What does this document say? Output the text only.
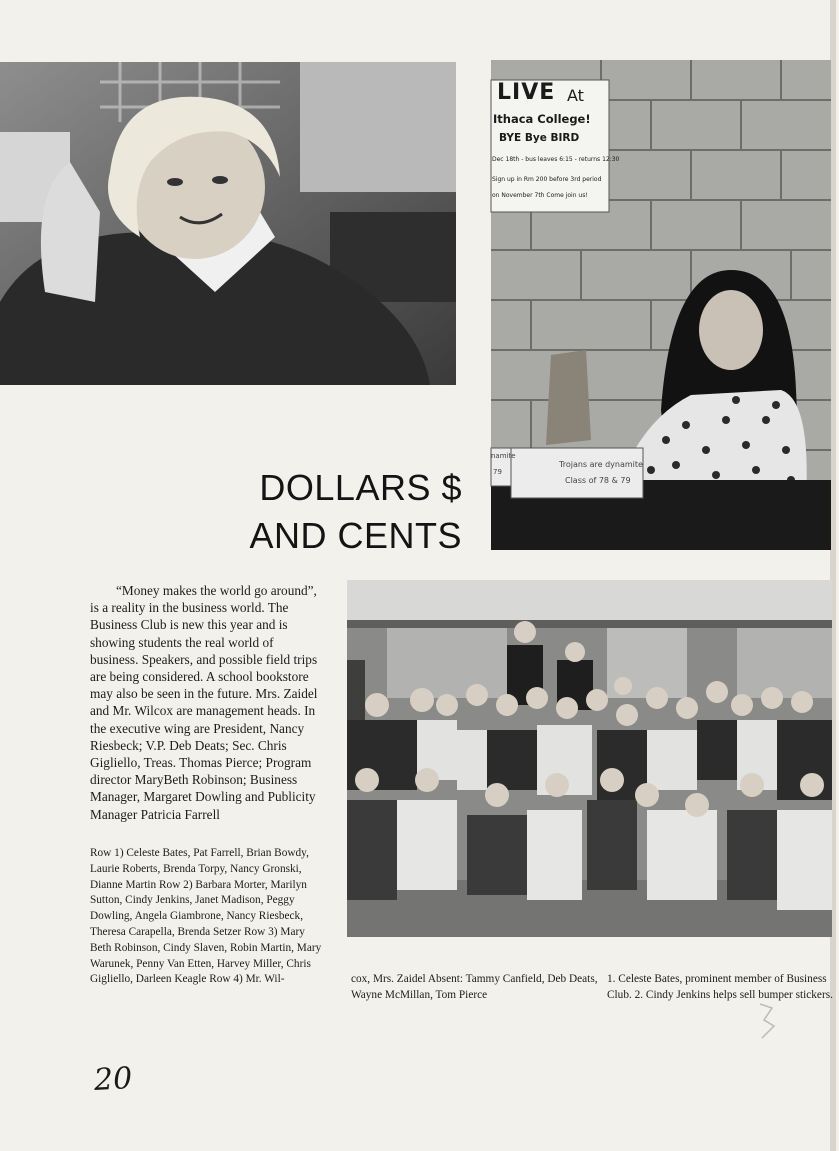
LIVE At
Ithaca College!
BYE Bye BIRD
Dec 18th - bus leaves 6:15 - returns 12:30
Sign up in Rm 200 before 3rd period
on November 7th Come join us!
Trojans are dynamite
Class of 78 & 79
namite
79
DOLLARS $
AND CENTS

“Money makes the world go around”, is a reality in the business world. The Business Club is new this year and is showing students the real world of business. Speakers, and possible field trips are being considered. A school bookstore may also be seen in the future. Mrs. Zaidel and Mr. Wilcox are management heads. In the executive wing are President, Nancy Riesbeck; V.P. Deb Deats; Sec. Chris Gigliello, Treas. Thomas Pierce; Program director MaryBeth Robinson; Business Manager, Margaret Dowling and Publicity Manager Patricia Farrell

Row 1) Celeste Bates, Pat Farrell, Brian Bowdy, Laurie Roberts, Brenda Torpy, Nancy Gronski, Dianne Martin Row 2) Barbara Morter, Marilyn Sutton, Cindy Jenkins, Janet Madison, Peggy Dowling, Angela Giambrone, Nancy Riesbeck, Theresa Carapella, Brenda Setzer Row 3) Mary Beth Robinson, Cindy Slaven, Robin Martin, Mary Warunek, Penny Van Etten, Harvey Miller, Chris Gigliello, Darleen Keagle Row 4) Mr. Wil-	cox, Mrs. Zaidel Absent: Tammy Canfield, Deb Deats, Wayne McMillan, Tom Pierce

1. Celeste Bates, prominent member of Business Club. 2. Cindy Jenkins helps sell bumper stickers.

20
